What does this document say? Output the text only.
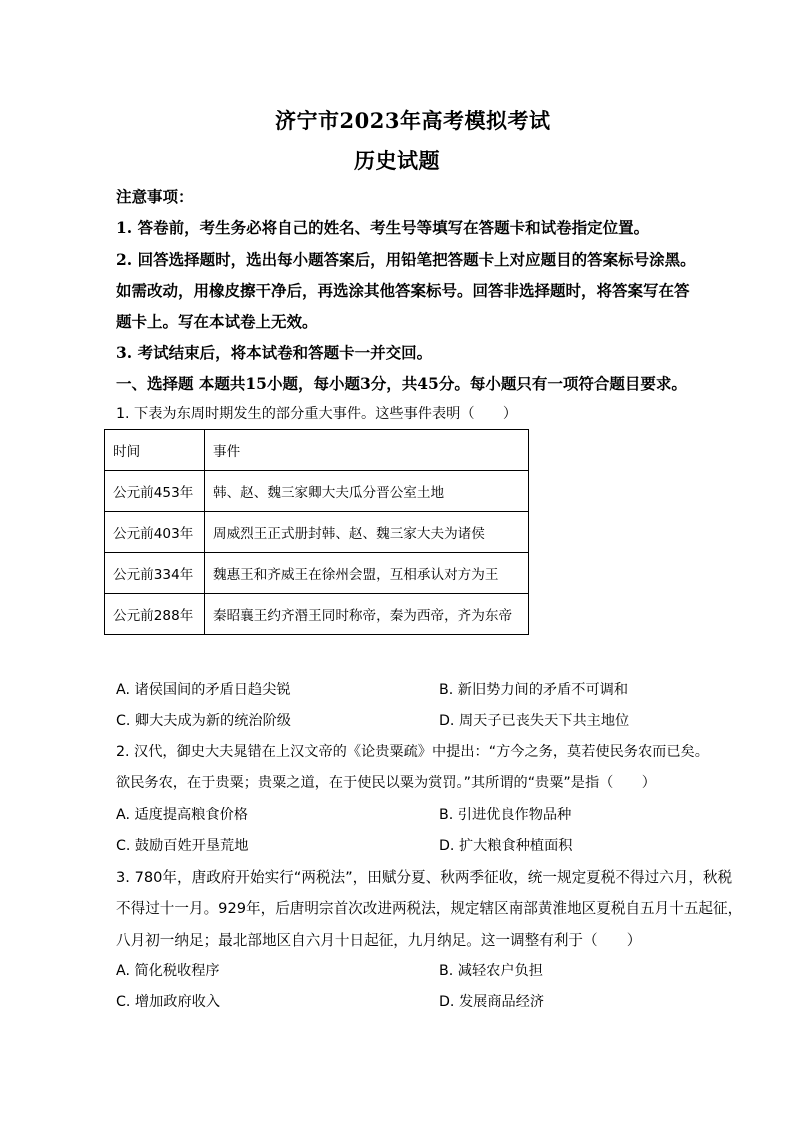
济宁市2023年高考模拟考试
历史试题
注意事项：
1. 答卷前，考生务必将自己的姓名、考生号等填写在答题卡和试卷指定位置。
2. 回答选择题时，选出每小题答案后，用铅笔把答题卡上对应题目的答案标号涂黑。
如需改动，用橡皮擦干净后，再选涂其他答案标号。回答非选择题时，将答案写在答
题卡上。写在本试卷上无效。
3. 考试结束后，将本试卷和答题卡一并交回。
一、选择题 本题共15小题，每小题3分，共45分。每小题只有一项符合题目要求。
1. 下表为东周时期发生的部分重大事件。这些事件表明（　　）
时间	事件
公元前453年	韩、赵、魏三家卿大夫瓜分晋公室土地
公元前403年	周威烈王正式册封韩、赵、魏三家大夫为诸侯
公元前334年	魏惠王和齐威王在徐州会盟，互相承认对方为王
公元前288年	秦昭襄王约齐湣王同时称帝，秦为西帝，齐为东帝
A. 诸侯国间的矛盾日趋尖锐	B. 新旧势力间的矛盾不可调和
C. 卿大夫成为新的统治阶级	D. 周天子已丧失天下共主地位
2. 汉代，御史大夫晁错在上汉文帝的《论贵粟疏》中提出：“方今之务，莫若使民务农而已矣。
欲民务农，在于贵粟；贵粟之道，在于使民以粟为赏罚。”其所谓的“贵粟”是指（　　）
A. 适度提高粮食价格	B. 引进优良作物品种
C. 鼓励百姓开垦荒地	D. 扩大粮食种植面积
3. 780年，唐政府开始实行“两税法”，田赋分夏、秋两季征收，统一规定夏税不得过六月，秋税
不得过十一月。929年，后唐明宗首次改进两税法，规定辖区南部黄淮地区夏税自五月十五起征，
八月初一纳足；最北部地区自六月十日起征，九月纳足。这一调整有利于（　　）
A. 简化税收程序	B. 减轻农户负担
C. 增加政府收入	D. 发展商品经济
